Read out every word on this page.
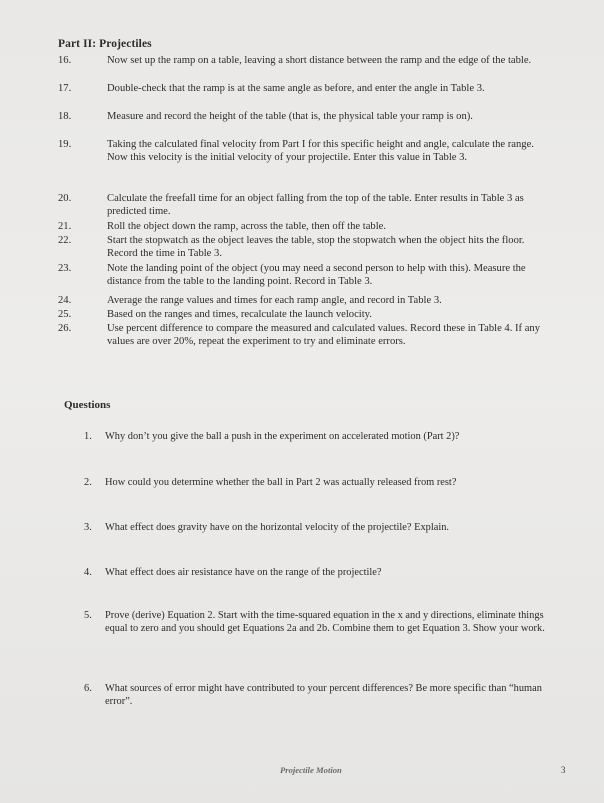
Part II: Projectiles
16.	Now set up the ramp on a table, leaving a short distance between the ramp and the edge of the table.
17.	Double-check that the ramp is at the same angle as before, and enter the angle in Table 3.
18.	Measure and record the height of the table (that is, the physical table your ramp is on).
19.	Taking the calculated final velocity from Part I for this specific height and angle, calculate the range. Now this velocity is the initial velocity of your projectile. Enter this value in Table 3.
20.	Calculate the freefall time for an object falling from the top of the table. Enter results in Table 3 as predicted time.
21.	Roll the object down the ramp, across the table, then off the table.
22.	Start the stopwatch as the object leaves the table, stop the stopwatch when the object hits the floor. Record the time in Table 3.
23.	Note the landing point of the object (you may need a second person to help with this). Measure the distance from the table to the landing point. Record in Table 3.
24.	Average the range values and times for each ramp angle, and record in Table 3.
25.	Based on the ranges and times, recalculate the launch velocity.
26.	Use percent difference to compare the measured and calculated values. Record these in Table 4. If any values are over 20%, repeat the experiment to try and eliminate errors.
Questions
1.	Why don’t you give the ball a push in the experiment on accelerated motion (Part 2)?
2.	How could you determine whether the ball in Part 2 was actually released from rest?
3.	What effect does gravity have on the horizontal velocity of the projectile? Explain.
4.	What effect does air resistance have on the range of the projectile?
5.	Prove (derive) Equation 2. Start with the time-squared equation in the x and y directions, eliminate things equal to zero and you should get Equations 2a and 2b. Combine them to get Equation 3. Show your work.
6.	What sources of error might have contributed to your percent differences? Be more specific than “human error”.
Projectile Motion	3
